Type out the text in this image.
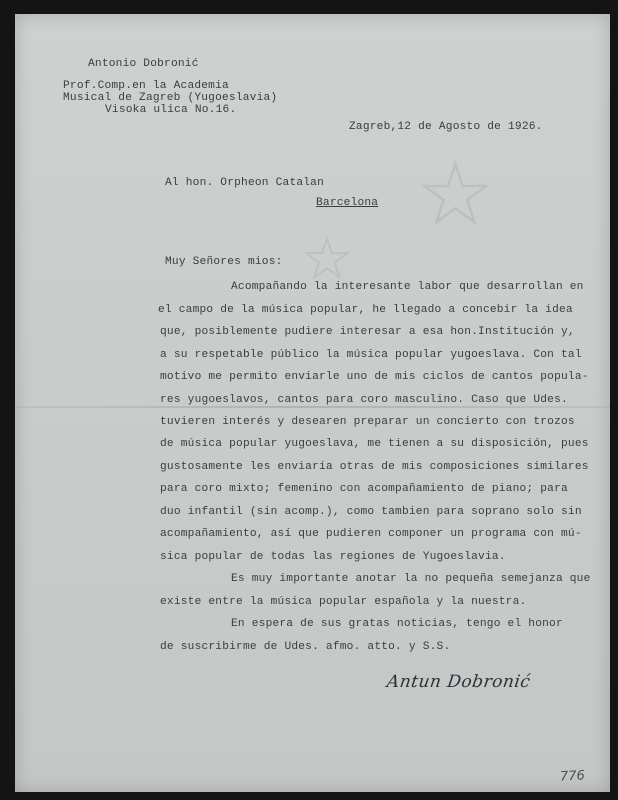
☆
☆
Antonio Dobronić
Prof.Comp.en la Academia
Musical de Zagreb (Yugoeslavia)
Visoka ulica No.16.
Zagreb,12 de Agosto de 1926.
Al hon. Orpheon Catalan
Barcelona
Muy Señores mios:
Acompañando la interesante labor que desarrollan en
el campo de la música popular, he llegado a concebir la idea
que, posiblemente pudiere interesar a esa hon.Institución y,
a su respetable público la música popular yugoeslava. Con tal
motivo me permito enviarle uno de mis ciclos de cantos popula-
res yugoeslavos, cantos para coro masculino. Caso que Udes.
tuvieren interés y desearen preparar un concierto con trozos
de música popular yugoeslava, me tienen a su disposición, pues
gustosamente les enviaría otras de mis composiciones similares
para coro mixto; femenino con acompañamiento de piano; para
duo infantil (sin acomp.), como tambien para soprano solo sin
acompañamiento, así que pudieren componer un programa con mú-
sica popular de todas las regiones de Yugoeslavia.
Es muy importante anotar la no pequeña semejanza que
existe entre la música popular española y la nuestra.
En espera de sus gratas noticias, tengo el honor
de suscribirme de Udes. afmo. atto. y S.S.
Antun Dobronić
776
